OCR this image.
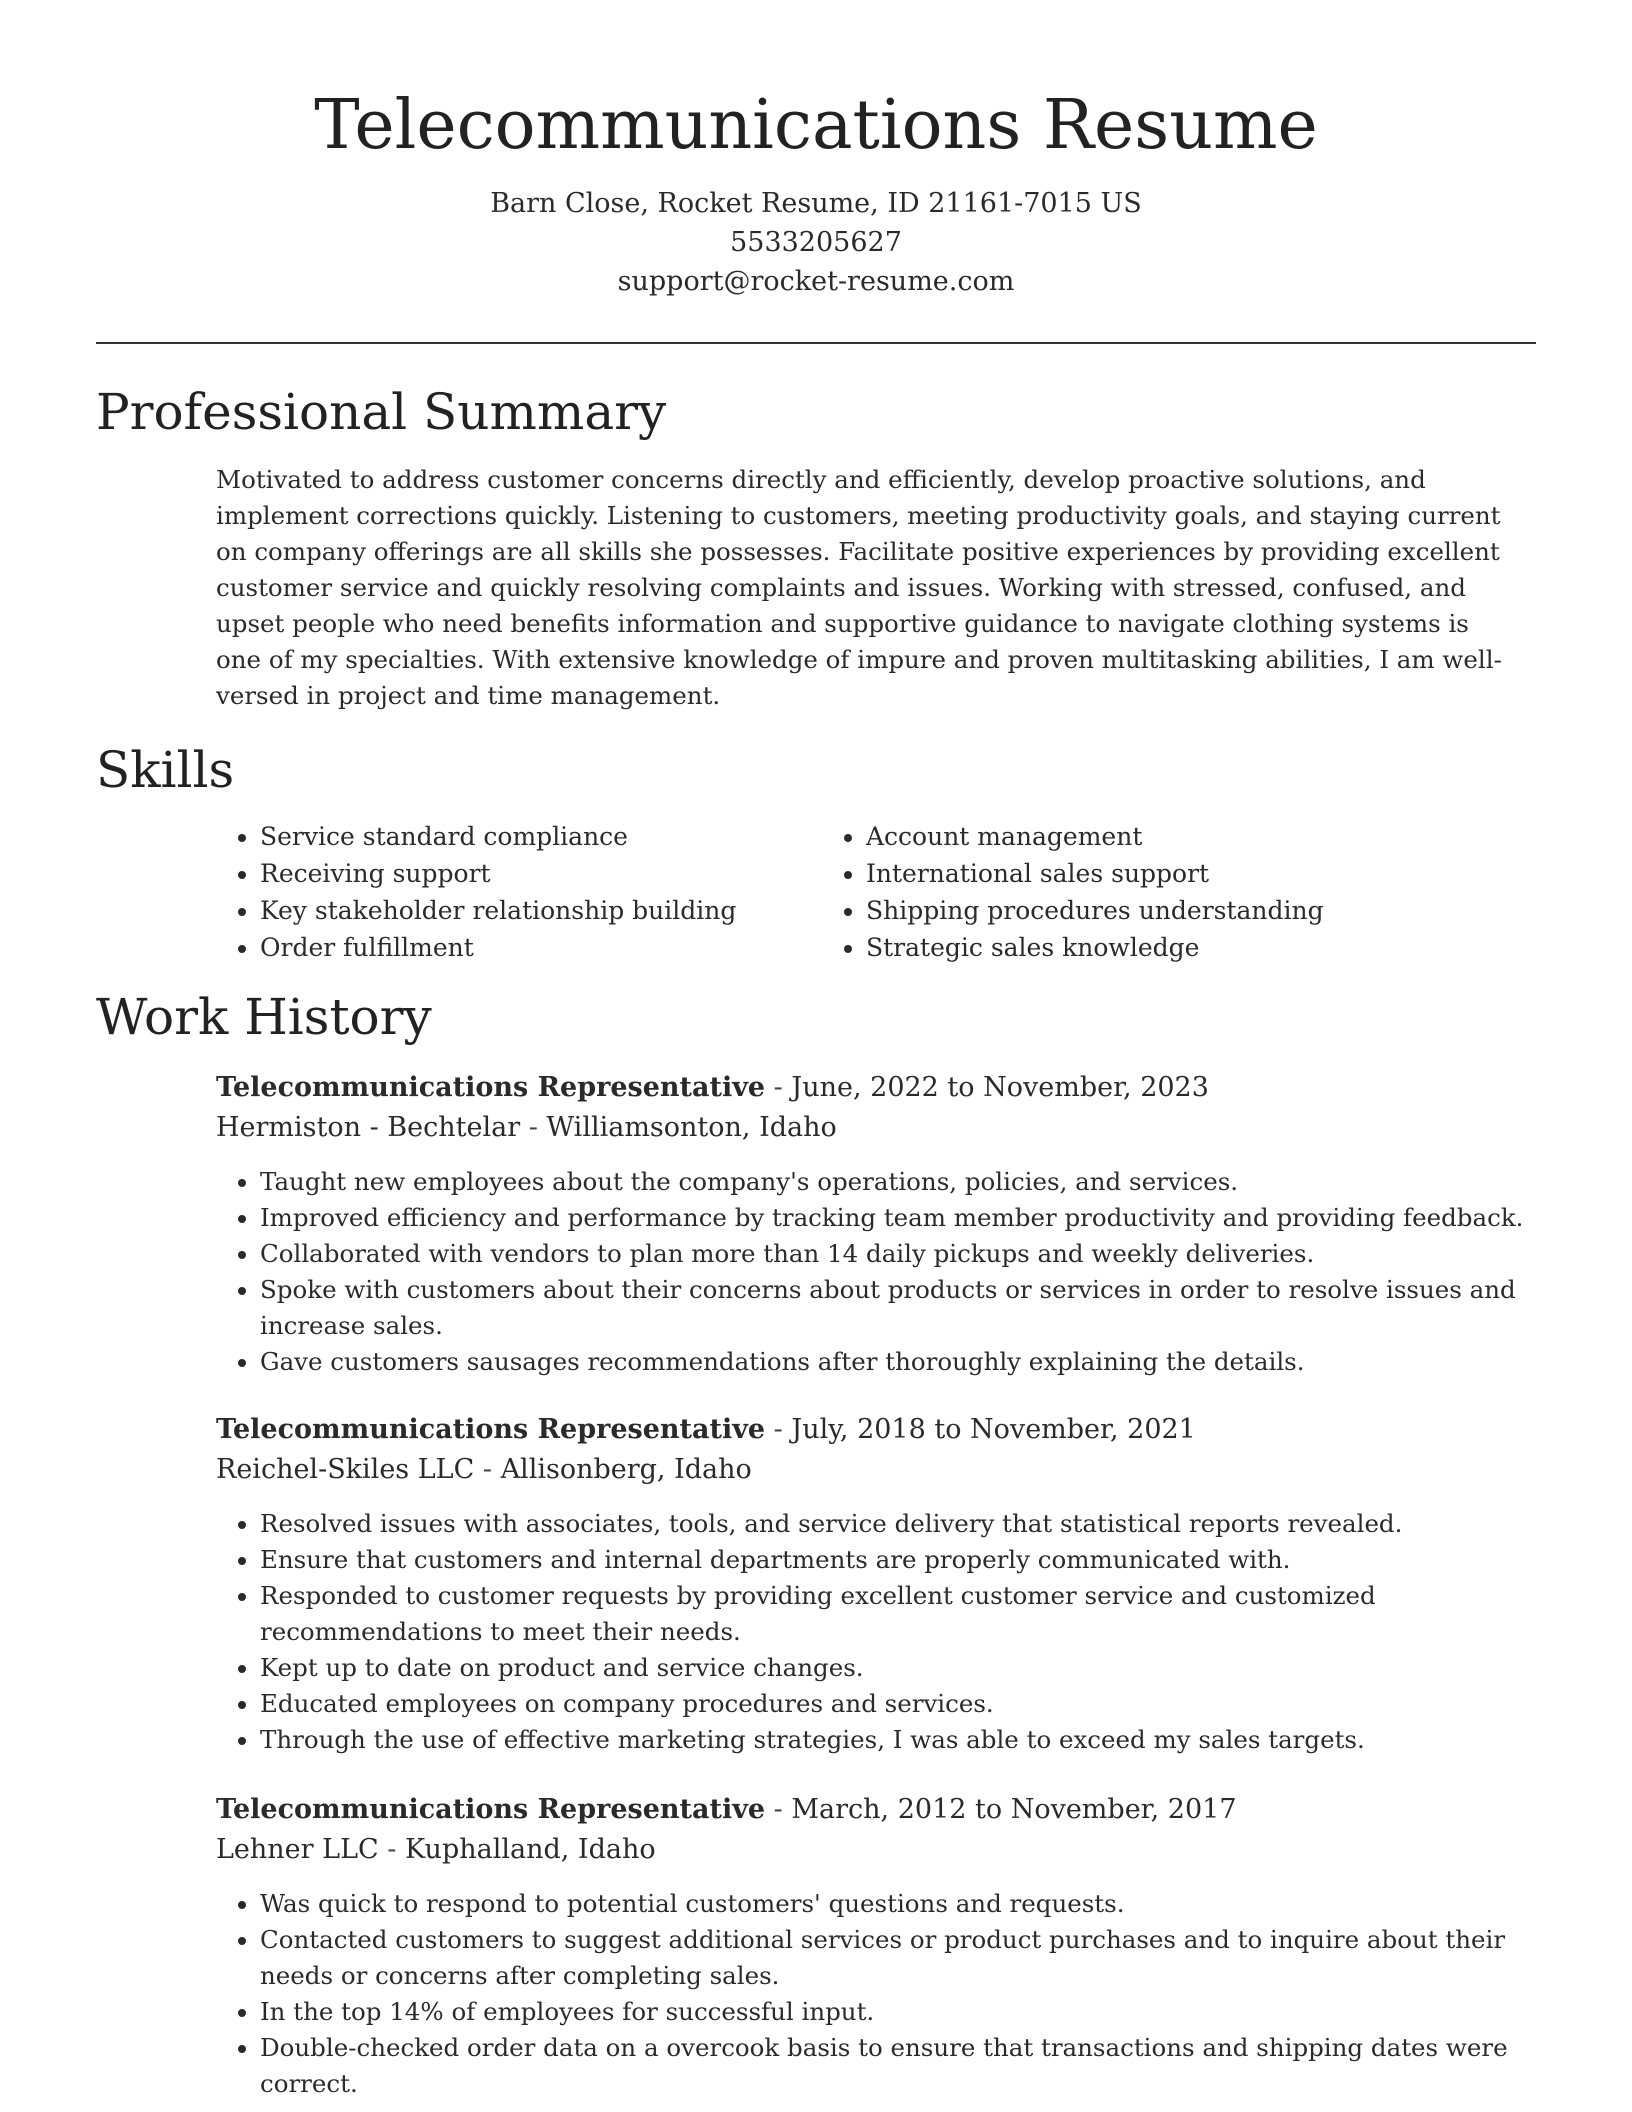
Telecommunications Resume

Barn Close, Rocket Resume, ID 21161-7015 US

5533205627

support@rocket-resume.com

Professional Summary

Motivated to address customer concerns directly and efficiently, develop proactive solutions, and implement corrections quickly. Listening to customers, meeting productivity goals, and staying current on company offerings are all skills she possesses. Facilitate positive experiences by providing excellent customer service and quickly resolving complaints and issues. Working with stressed, confused, and upset people who need benefits information and supportive guidance to navigate clothing systems is one of my specialties. With extensive knowledge of impure and proven multitasking abilities, I am well-versed in project and time management.

Skills
• Service standard compliance
• Receiving support
• Key stakeholder relationship building
• Order fulfillment
• Account management
• International sales support
• Shipping procedures understanding
• Strategic sales knowledge
Work History

Telecommunications Representative - June, 2022 to November, 2023

Hermiston - Bechtelar - Williamsonton, Idaho

• Taught new employees about the company's operations, policies, and services.
• Improved efficiency and performance by tracking team member productivity and providing feedback.
• Collaborated with vendors to plan more than 14 daily pickups and weekly deliveries.
• Spoke with customers about their concerns about products or services in order to resolve issues and increase sales.
• Gave customers sausages recommendations after thoroughly explaining the details.

Telecommunications Representative - July, 2018 to November, 2021

Reichel-Skiles LLC - Allisonberg, Idaho

• Resolved issues with associates, tools, and service delivery that statistical reports revealed.
• Ensure that customers and internal departments are properly communicated with.
• Responded to customer requests by providing excellent customer service and customized recommendations to meet their needs.
• Kept up to date on product and service changes.
• Educated employees on company procedures and services.
• Through the use of effective marketing strategies, I was able to exceed my sales targets.

Telecommunications Representative - March, 2012 to November, 2017

Lehner LLC - Kuphalland, Idaho

• Was quick to respond to potential customers' questions and requests.
• Contacted customers to suggest additional services or product purchases and to inquire about their needs or concerns after completing sales.
• In the top 14% of employees for successful input.
• Double-checked order data on a overcook basis to ensure that transactions and shipping dates were correct.
